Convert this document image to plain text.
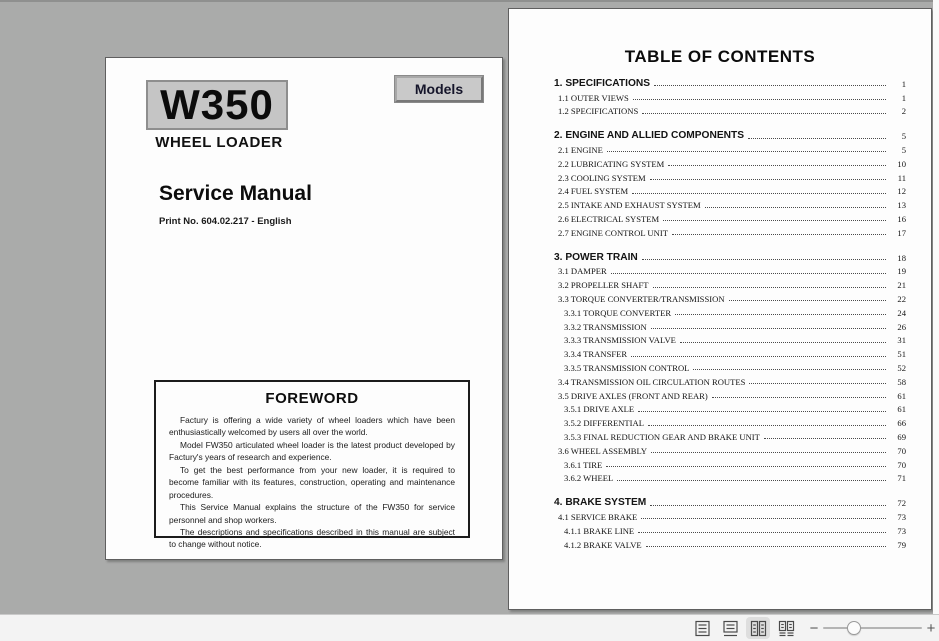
W350
WHEEL LOADER
Models
Service Manual
Print No. 604.02.217 - English
FOREWORD

Factury is offering a wide variety of wheel loaders which have been enthusiastically welcomed by users all over the world.

Model FW350 articulated wheel loader is the latest product developed by Factury's years of research and experience.

To get the best performance from your new loader, it is required to become familiar with its features, construction, operating and maintenance procedures.

This Service Manual explains the structure of the FW350 for service personnel and shop workers.

The descriptions and specifications described in this manual are subject to change without notice.

TABLE OF CONTENTS
1. SPECIFICATIONS	1
1.1 OUTER VIEWS	1
1.2 SPECIFICATIONS	2
2. ENGINE AND ALLIED COMPONENTS	5
2.1 ENGINE	5
2.2 LUBRICATING SYSTEM	10
2.3 COOLING SYSTEM	11
2.4 FUEL SYSTEM	12
2.5 INTAKE AND EXHAUST SYSTEM	13
2.6 ELECTRICAL SYSTEM	16
2.7 ENGINE CONTROL UNIT	17
3. POWER TRAIN	18
3.1 DAMPER	19
3.2 PROPELLER SHAFT	21
3.3 TORQUE CONVERTER/TRANSMISSION	22
3.3.1 TORQUE CONVERTER	24
3.3.2 TRANSMISSION	26
3.3.3 TRANSMISSION VALVE	31
3.3.4 TRANSFER	51
3.3.5 TRANSMISSION CONTROL	52
3.4 TRANSMISSION OIL CIRCULATION ROUTES	58
3.5 DRIVE AXLES (FRONT AND REAR)	61
3.5.1 DRIVE AXLE	61
3.5.2 DIFFERENTIAL	66
3.5.3 FINAL REDUCTION GEAR AND BRAKE UNIT	69
3.6 WHEEL ASSEMBLY	70
3.6.1 TIRE	70
3.6.2 WHEEL	71
4. BRAKE SYSTEM	72
4.1 SERVICE BRAKE	73
4.1.1 BRAKE LINE	73
4.1.2 BRAKE VALVE	79
−	+
